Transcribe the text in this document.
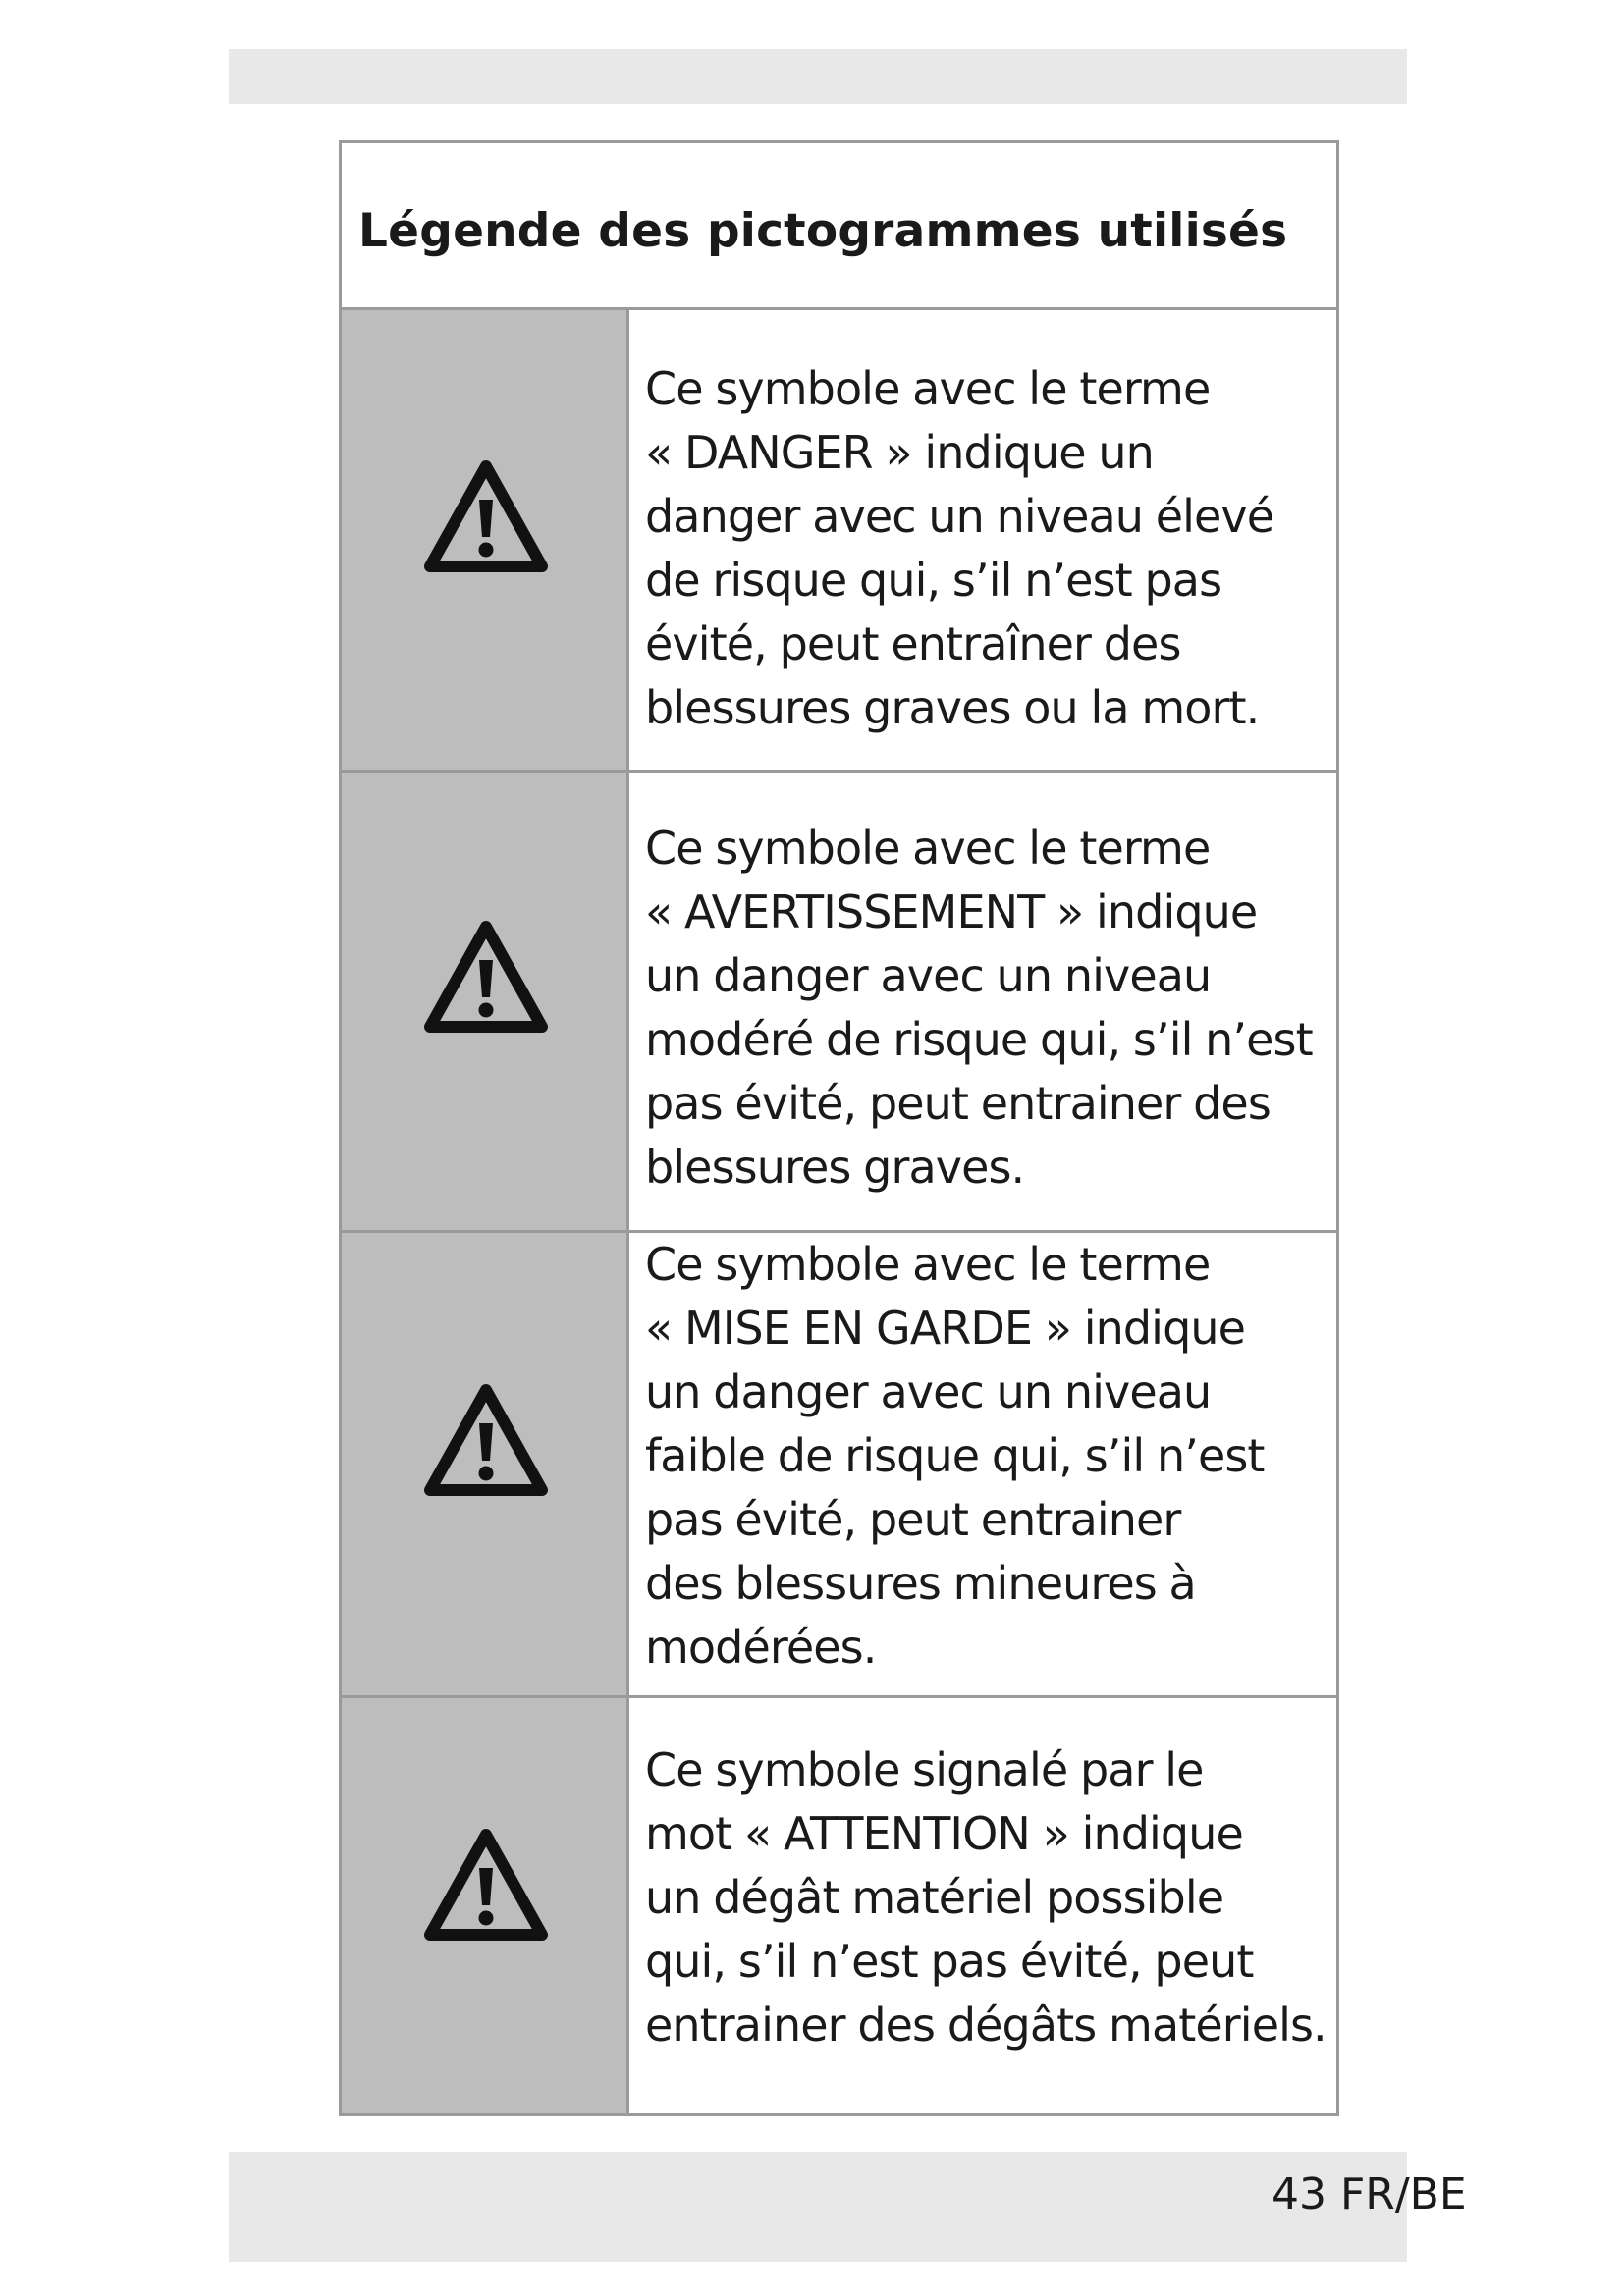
Légende des pictogrammes utilisés

Ce symbole avec le terme
« DANGER » indique un
danger avec un niveau élevé
de risque qui, s’il n’est pas
évité, peut entraîner des
blessures graves ou la mort.

Ce symbole avec le terme
« AVERTISSEMENT » indique
un danger avec un niveau
modéré de risque qui, s’il n’est
pas évité, peut entrainer des
blessures graves.

Ce symbole avec le terme
« MISE EN GARDE » indique
un danger avec un niveau
faible de risque qui, s’il n’est
pas évité, peut entrainer
des blessures mineures à
modérées.

Ce symbole signalé par le
mot « ATTENTION » indique
un dégât matériel possible
qui, s’il n’est pas évité, peut
entrainer des dégâts matériels.

43 FR/BE
